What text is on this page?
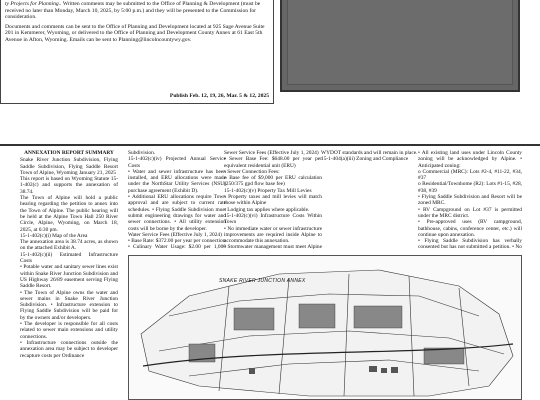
ty Projects for Planning.. Written comments may be submitted to the Office of Planning & Development (must be received no later than Monday, March 10, 2025, by 5:00 p.m.) and they will be presented to the Commission for consideration.

Documents and comments can be sent to the Office of Planning and Development located at 925 Sage Avenue Suite 201 in Kemmerer, Wyoming, or delivered to the Office of Planning and Development County Annex at 61 East 5th Avenue in Afton, Wyoming. Emails can be sent to Planning@lincolncountywy.gov.

Publish Feb. 12, 19, 26, Mar. 5 & 12, 2025
ANNEXATION REPORT SUMMARY

Snake River Junction Subdivision, Flying Saddle Subdivision, Flying Saddle Resort Town of Alpine, Wyoming January 21, 2025

This report is based on Wyoming Statute 15-1-402(c) and supports the annexation of 38.74.

The Town of Alpine will hold a public hearing regarding the petition to annex into the Town of Alpine. The public hearing will be held at the Alpine Town Hall 250 River Circle, Alpine, Wyoming, on March 18, 2025, at 6:30 pm.

15-1-402(c)(i) Map of the Area

The annexation area is 38.74 acres, as shown on the attached Exhibit A.

15-1-402(c)(ii) Estimated Infrastructure Costs

• Potable water and sanitary sewer lines exist within Snake River Junction Subdivision and US Highway 26/89 easement serving Flying Saddle Resort.

• The Town of Alpine owns the water and sewer mains in Snake River Junction Subdivision. • Infrastructure extension to Flying Saddle Subdivision will be paid for by the owners and/or developers.

• The developer is responsible for all costs related to sewer main extensions and utility connections.

• Infrastructure connections outside the annexation area may be subject to developer recapture costs per Ordinance

Subdivision.

15-1-402(c)(iv) Projected Annual Service Costs

• Water and sewer infrastructure has been installed, and ERU allocations were made under the NorthStar Utility Services (NSU) purchase agreement (Exhibit D).

• Additional ERU allocations require Town approval and are subject to current rate schedules. • Flying Saddle Subdivision must submit engineering drawings for water and sewer connections. • All utility extension costs will be borne by the developer.

Water Service Fees (Effective July 1, 2024)

• Base Rate: $372.00 per year per connection

• Culinary Water Usage: $2.00 per 1,000

Sewer Service Fees (Effective July 1, 2024)

• Sewer Base Fee: $648.00 per year per equivalent residential unit (ERU)

• Sewer Connection Fees:

o Base fee of $9,000 per ERU calculation (250/375 gpd flow base fee)

15-1-402(c)(v) Property Tax Mill Levies

• Property taxes and mill levies will match those within Alpine

• Lodging tax applies where applicable.

15-1-402(c)(vi) Infrastructure Costs Within Town

• No immediate water or sewer infrastructure improvements are required inside Alpine to accommodate this annexation.

• Stormwater management must meet Alpine

WYDOT standards and will remain in place.

15-1-404(a)(iii) Zoning and Compliance

• All existing land uses under Lincoln County zoning will be acknowledged by Alpine. • Anticipated zoning:

o Commercial (MRC): Lots #2-4, #11-22, #34, #37

o Residential/Townhome (R2): Lots #1-15, #28, #38, #39

• Flying Saddle Subdivision and Resort will be zoned MRC.

• RV Campground on Lot #37 is permitted under the MRC district.

• Pre-approved uses (RV campground, bathhouse, cabins, conference center, etc.) will continue upon annexation.

• Flying Saddle Subdivision has verbally consented but has not submitted a petition. • No

SNAKE RIVER JUNCTION ANNEX
